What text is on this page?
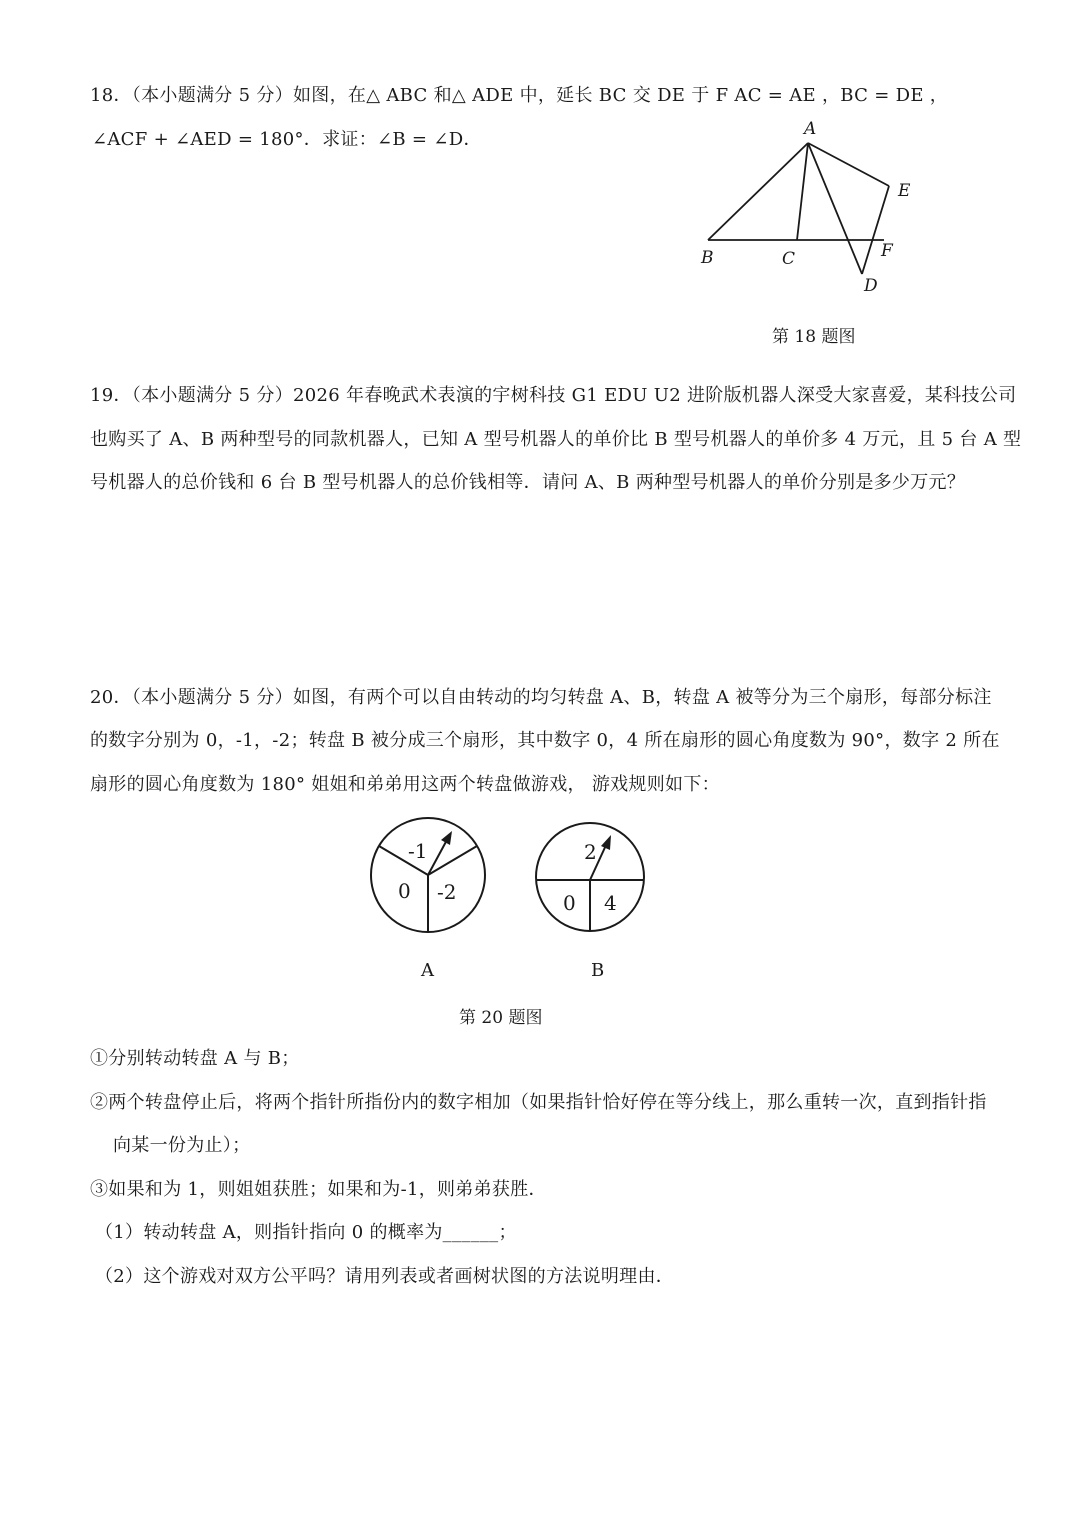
18．（本小题满分 5 分）如图，在△ ABC 和△ ADE 中，延长 BC 交 DE 于 F AC = AE ，BC = DE ，
∠ACF + ∠AED = 180°．求证：∠B = ∠D．	A
B	C
D
E
F
-1
0 -2
2
0 4
A	B
第 18 题图
19．（本小题满分 5 分）2026 年春晚武术表演的宇树科技 G1 EDU U2 进阶版机器人深受大家喜爱，某科技公司
也购买了 A、B 两种型号的同款机器人，已知 A 型号机器人的单价比 B 型号机器人的单价多 4 万元，且 5 台 A 型
号机器人的总价钱和 6 台 B 型号机器人的总价钱相等．请问 A、B 两种型号机器人的单价分别是多少万元？
20．（本小题满分 5 分）如图，有两个可以自由转动的均匀转盘 A、B，转盘 A 被等分为三个扇形，每部分标注
的数字分别为 0，-1，-2；转盘 B 被分成三个扇形，其中数字 0，4 所在扇形的圆心角度数为 90°，数字 2 所在
扇形的圆心角度数为 180° 姐姐和弟弟用这两个转盘做游戏， 游戏规则如下：
第 20 题图
①分别转动转盘 A 与 B；
②两个转盘停止后，将两个指针所指份内的数字相加（如果指针恰好停在等分线上，那么重转一次，直到指针指
向某一份为止）；
③如果和为 1，则姐姐获胜；如果和为-1，则弟弟获胜．
（1）转动转盘 A，则指针指向 0 的概率为______；
（2）这个游戏对双方公平吗？请用列表或者画树状图的方法说明理由．
